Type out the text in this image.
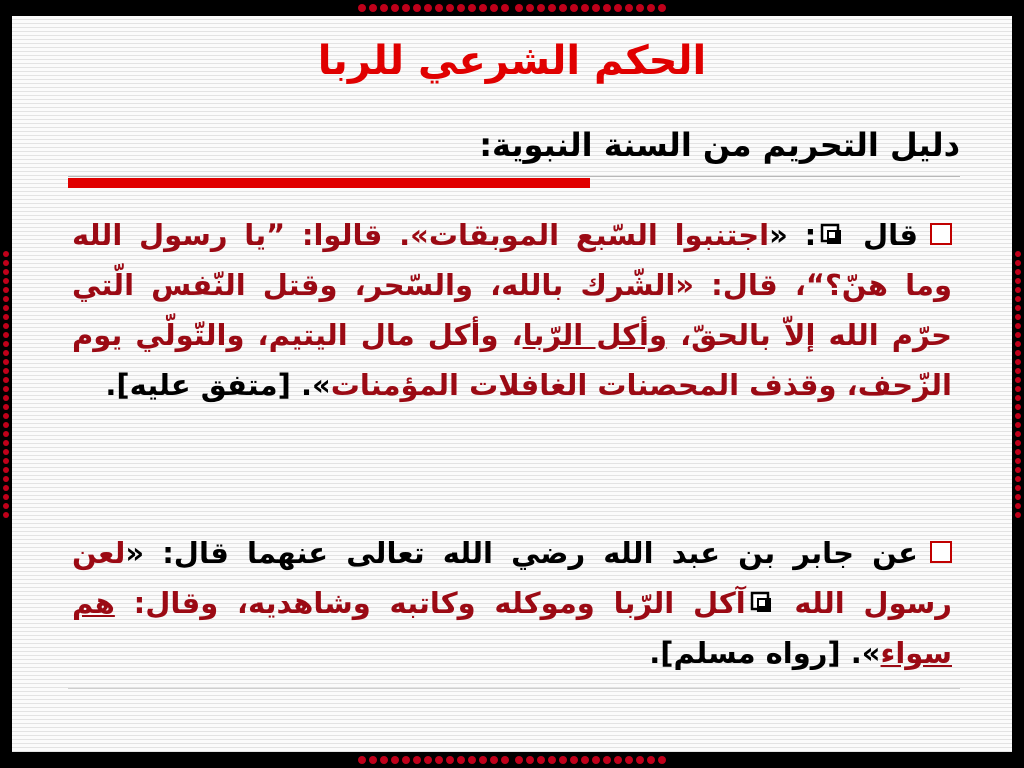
الحكم الشرعي للربا
دليل التحريم من السنة النبوية:
قال : «اجتنبوا السّبع الموبقات». قالوا: ”يا رسول الله وما هنّ؟“، قال: «الشّرك بالله، والسّحر، وقتل النّفس الّتي حرّم الله إلاّ بالحقّ، وأكل الرّبا، وأكل مال اليتيم، والتّولّي يوم الزّحف، وقذف المحصنات الغافلات المؤمنات». [متفق عليه].
عن جابر بن عبد الله رضي الله تعالى عنهما قال: «لعن رسول الله آكل الرّبا وموكله وكاتبه وشاهديه، وقال: هم سواء». [رواه مسلم].
